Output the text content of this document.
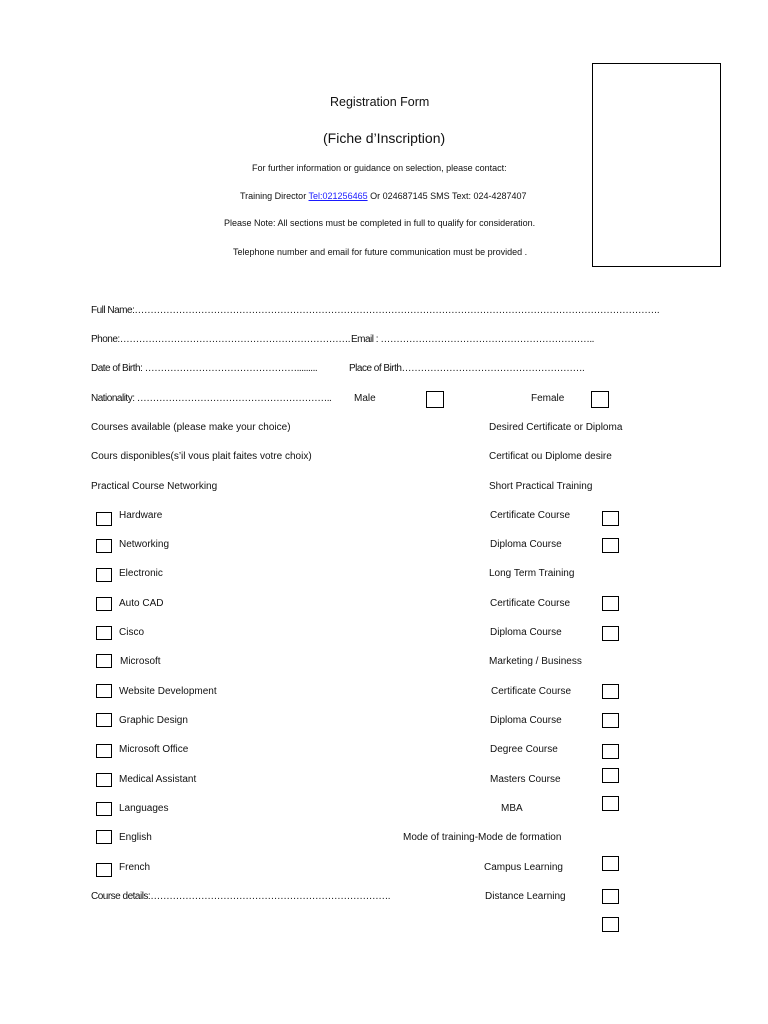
Registration Form
(Fiche d’Inscription)
For further information or guidance on selection, please contact:
Training Director Tel:021256465 Or 024687145 SMS Text: 024-4287407
Please Note: All sections must be completed in full to qualify for consideration.
Telephone number and email for future communication must be provided .
Full Name:………………………………………………………………………………………………………………………………………………….
Phone:………………………………………………………………. Email : …………………………………………………………..
Date of Birth: ………………………………………….........	Place of Birth………………………………………………….
Nationality: …………………………………………………….. Male	Female
Courses available (please make your choice)	Desired Certificate or Diploma
Cours disponibles(s’il vous plait faites votre choix)	Certificat ou Diplome desire
Practical Course Networking	Short Practical Training
Hardware
Networking
Electronic
Auto CAD
Cisco
Microsoft
Website Development
Graphic Design
Microsoft Office
Medical Assistant
Languages
English
French
Certificate Course
Diploma Course
Long Term Training
Certificate Course
Diploma Course
Marketing / Business
Certificate Course
Diploma Course
Degree Course
Masters Course
MBA
Mode of training-Mode de formation
Campus Learning
Distance Learning
Course details:………………………………………………………………….
